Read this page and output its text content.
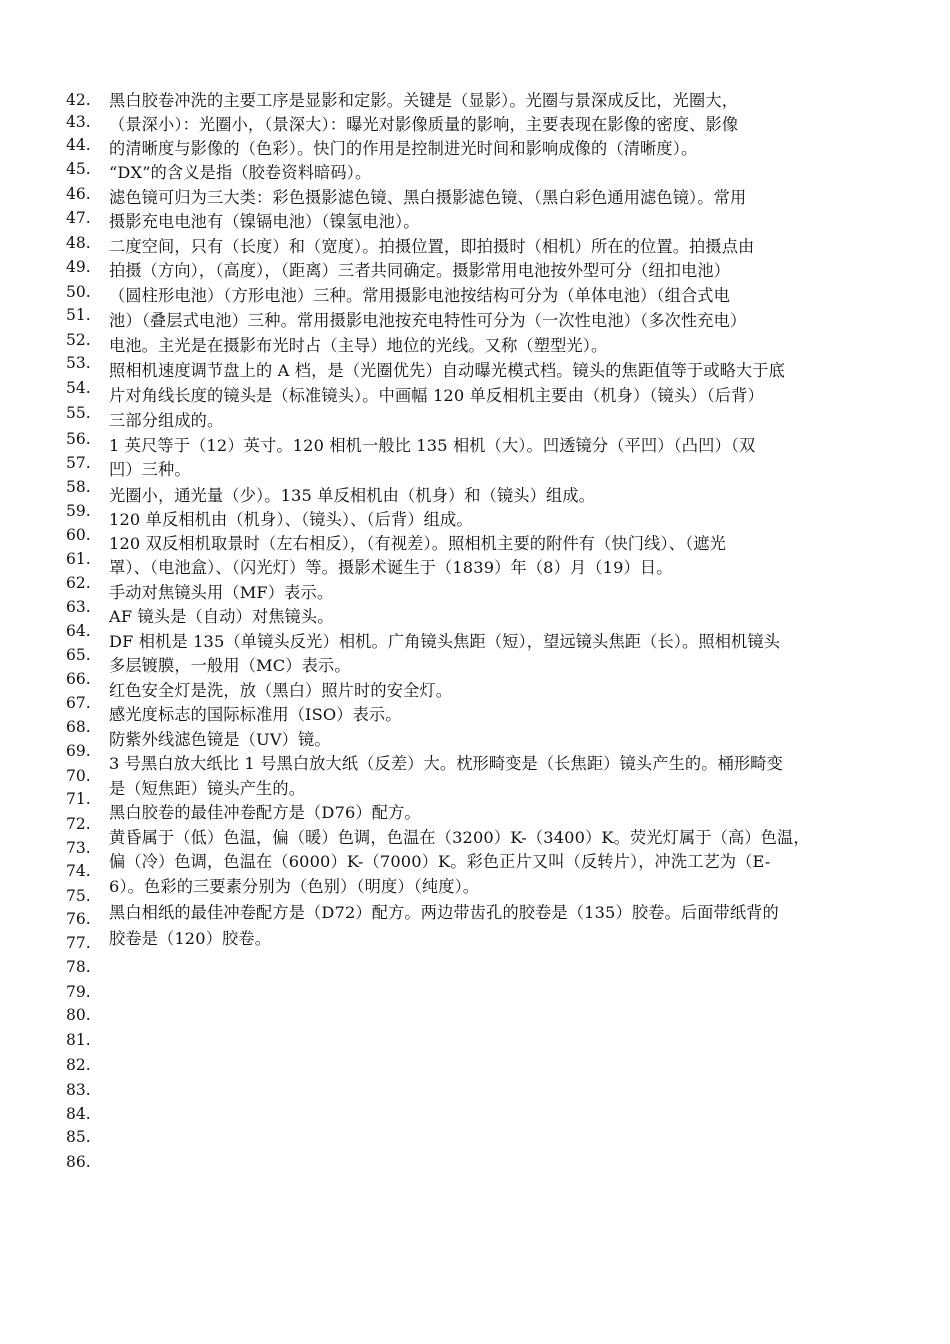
42.
43.
44.
45.
46.
47.
48.
49.
50.
51.
52.
53.
54.
55.
56.
57.
58.
59.
60.
61.
62.
63.
64.
65.
66.
67.
68.
69.
70.
71.
72.
73.
74.
75.
76.
77.
78.
79.
80.
81.
82.
83.
84.
85.
86.
黑白胶卷冲洗的主要工序是显影和定影。关键是（显影）。光圈与景深成反比，光圈大，
（景深小）：光圈小，（景深大）：曝光对影像质量的影响，主要表现在影像的密度、影像
的清晰度与影像的（色彩）。快门的作用是控制进光时间和影响成像的（清晰度）。
“DX”的含义是指（胶卷资料暗码）。
滤色镜可归为三大类：彩色摄影滤色镜、黑白摄影滤色镜、（黑白彩色通用滤色镜）。常用
摄影充电电池有（镍镉电池）（镍氢电池）。
二度空间，只有（长度）和（宽度）。拍摄位置，即拍摄时（相机）所在的位置。拍摄点由
拍摄（方向），（高度），（距离）三者共同确定。摄影常用电池按外型可分（纽扣电池）
（圆柱形电池）（方形电池）三种。常用摄影电池按结构可分为（单体电池）（组合式电
池）（叠层式电池）三种。常用摄影电池按充电特性可分为（一次性电池）（多次性充电）
电池。主光是在摄影布光时占（主导）地位的光线。又称（塑型光）。
照相机速度调节盘上的 A 档，是（光圈优先）自动曝光模式档。镜头的焦距值等于或略大于底
片对角线长度的镜头是（标准镜头）。中画幅 120 单反相机主要由（机身）（镜头）（后背）
三部分组成的。
1 英尺等于（12）英寸。120 相机一般比 135 相机（大）。凹透镜分（平凹）（凸凹）（双
凹）三种。
光圈小，通光量（少）。135 单反相机由（机身）和（镜头）组成。
120 单反相机由（机身）、（镜头）、（后背）组成。
120 双反相机取景时（左右相反），（有视差）。照相机主要的附件有（快门线）、（遮光
罩）、（电池盒）、（闪光灯）等。摄影术诞生于（1839）年（8）月（19）日。
手动对焦镜头用（MF）表示。
AF 镜头是（自动）对焦镜头。
DF 相机是 135（单镜头反光）相机。广角镜头焦距（短），望远镜头焦距（长）。照相机镜头
多层镀膜，一般用（MC）表示。
红色安全灯是洗，放（黑白）照片时的安全灯。
感光度标志的国际标准用（ISO）表示。
防紫外线滤色镜是（UV）镜。
3 号黑白放大纸比 1 号黑白放大纸（反差）大。枕形畸变是（长焦距）镜头产生的。桶形畸变
是（短焦距）镜头产生的。
黑白胶卷的最佳冲卷配方是（D76）配方。
黄昏属于（低）色温，偏（暖）色调，色温在（3200）K-（3400）K。荧光灯属于（高）色温，
偏（冷）色调，色温在（6000）K-（7000）K。彩色正片又叫（反转片），冲洗工艺为（E-
6）。色彩的三要素分别为（色别）（明度）（纯度）。
黑白相纸的最佳冲卷配方是（D72）配方。两边带齿孔的胶卷是（135）胶卷。后面带纸背的
胶卷是（120）胶卷。
